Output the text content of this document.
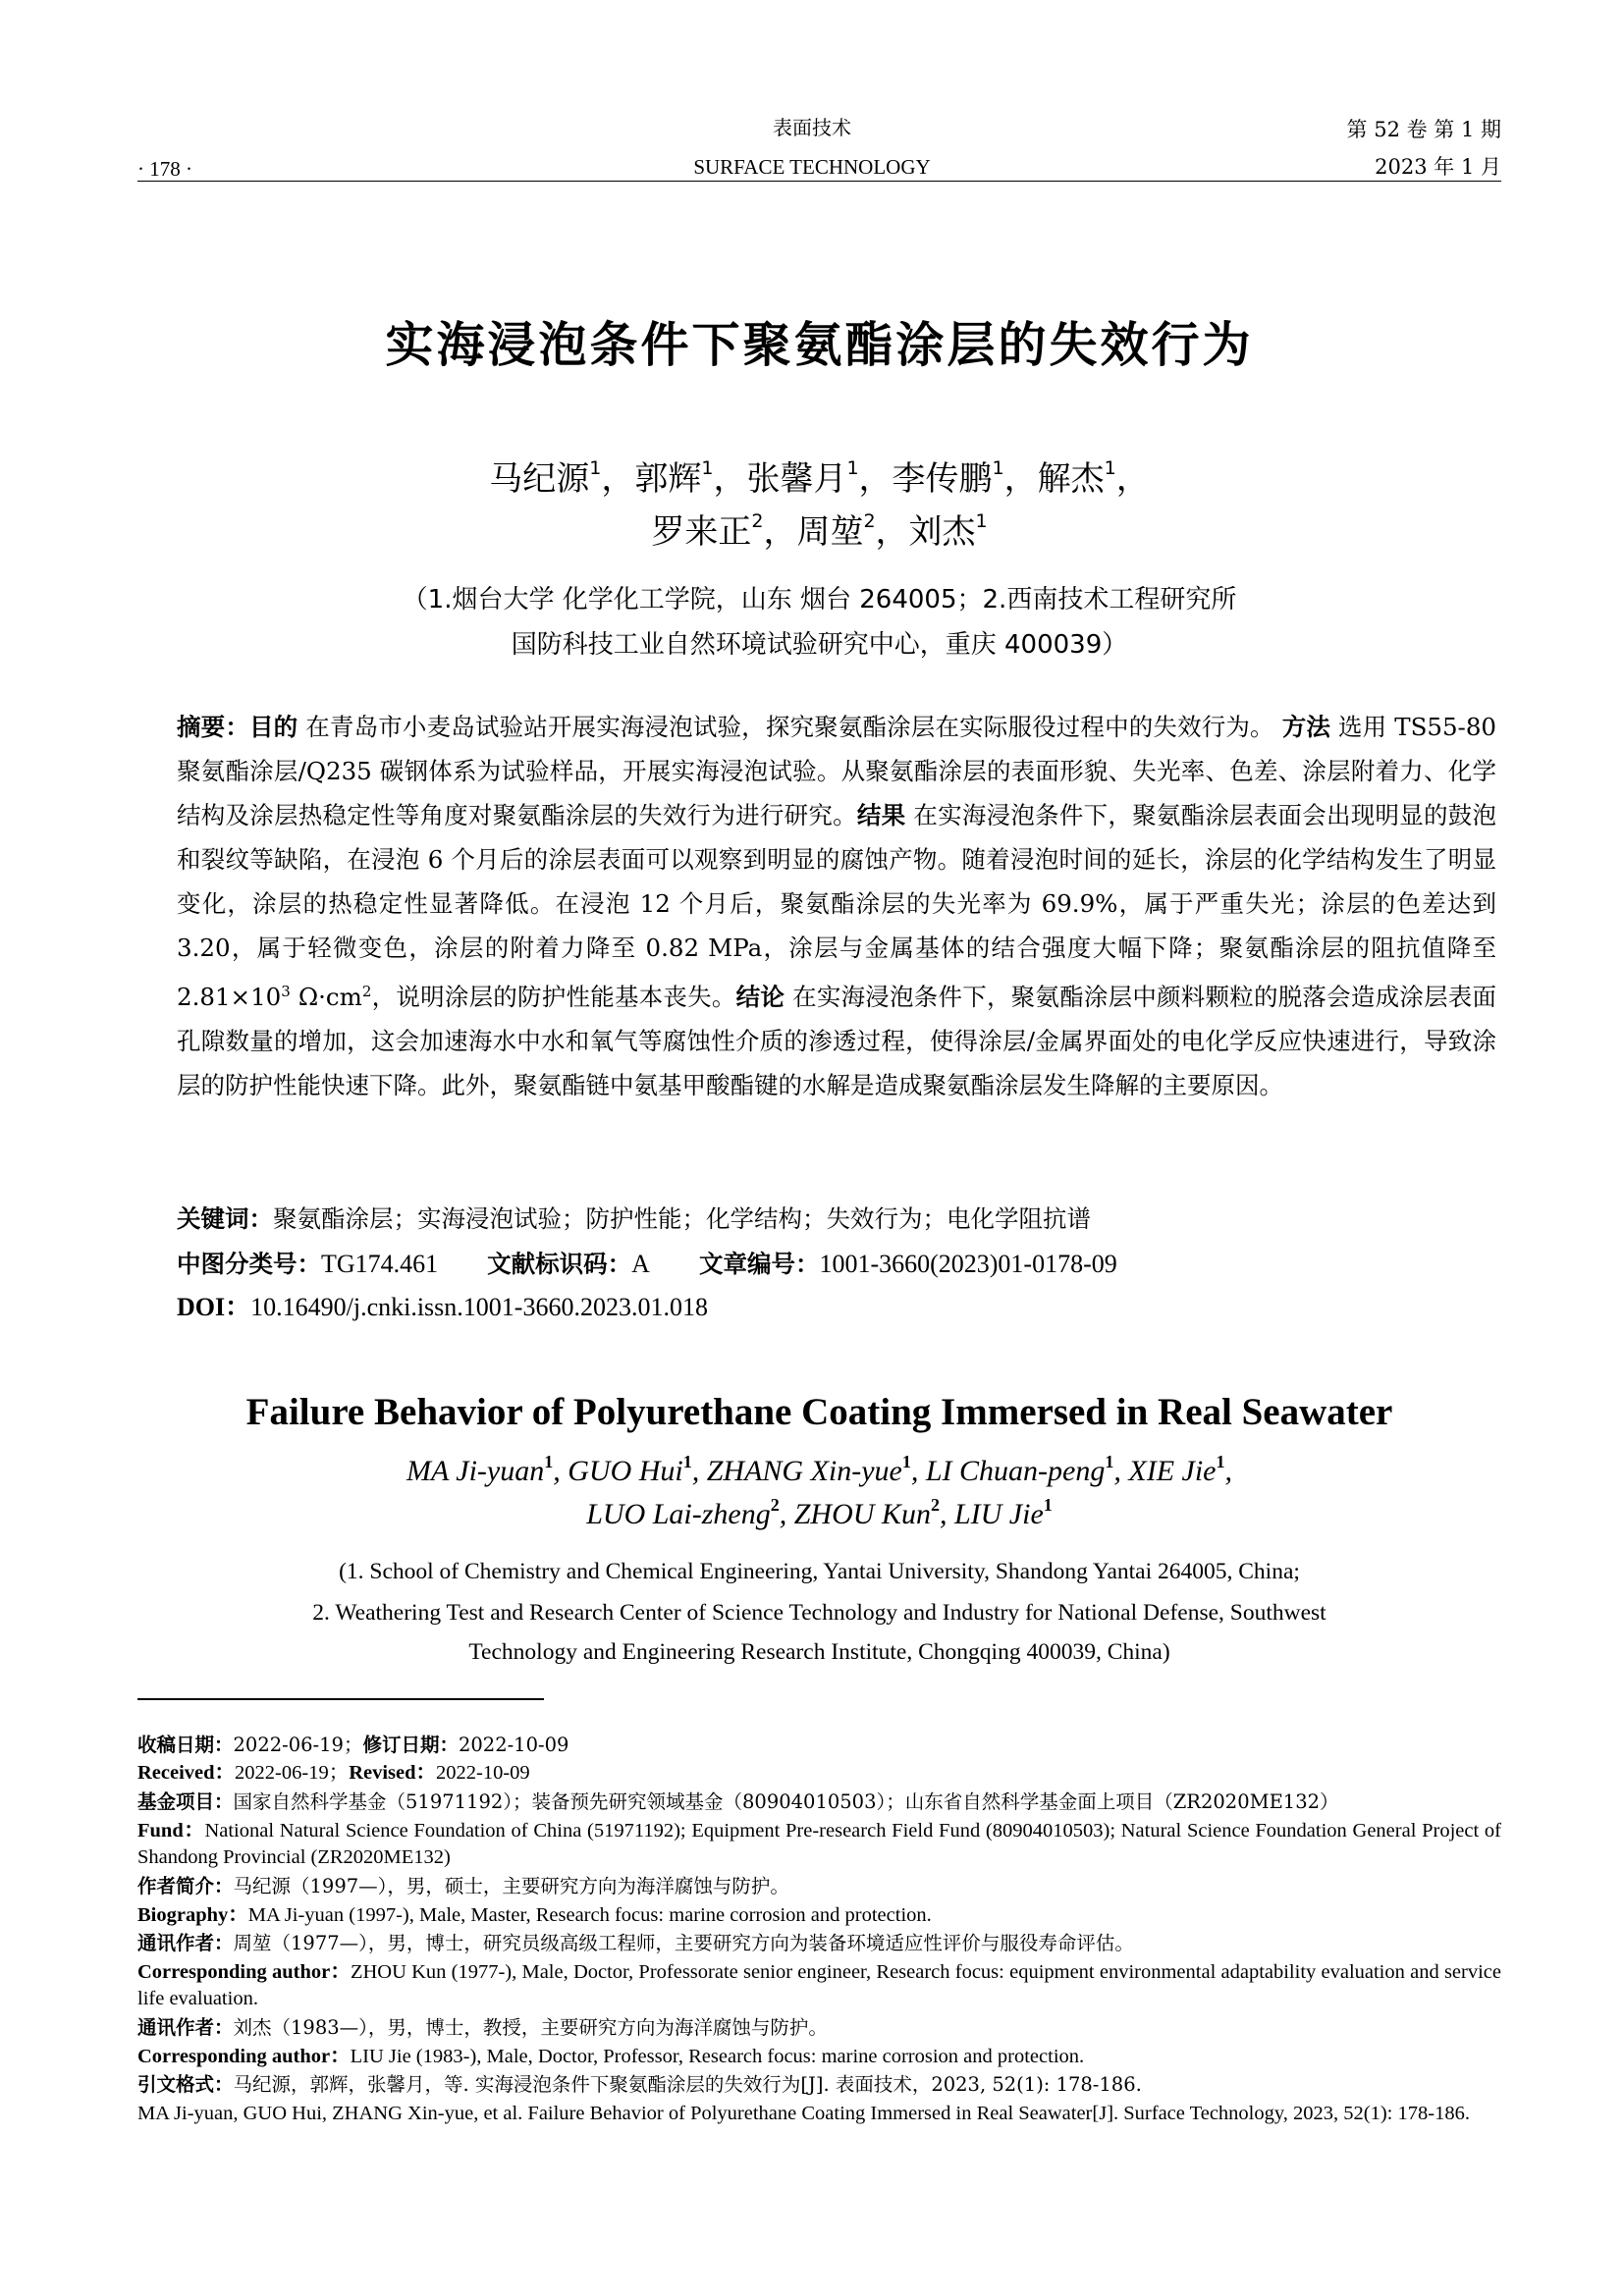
· 178 ·
表面技术
SURFACE TECHNOLOGY
第 52 卷 第 1 期
2023 年 1 月
实海浸泡条件下聚氨酯涂层的失效行为
马纪源$^1$，郭辉$^1$，张馨月$^1$，李传鹏$^1$，解杰$^1$，
罗来正$^2$，周堃$^2$，刘杰$^1$
（1.烟台大学 化学化工学院，山东 烟台 264005；2.西南技术工程研究所
国防科技工业自然环境试验研究中心，重庆 400039）
摘要：目的 在青岛市小麦岛试验站开展实海浸泡试验，探究聚氨酯涂层在实际服役过程中的失效行为。 方法 选用 TS55-80 聚氨酯涂层/Q235 碳钢体系为试验样品，开展实海浸泡试验。从聚氨酯涂层的表面形貌、失光率、色差、涂层附着力、化学结构及涂层热稳定性等角度对聚氨酯涂层的失效行为进行研究。结果 在实海浸泡条件下，聚氨酯涂层表面会出现明显的鼓泡和裂纹等缺陷，在浸泡 6 个月后的涂层表面可以观察到明显的腐蚀产物。随着浸泡时间的延长，涂层的化学结构发生了明显变化，涂层的热稳定性显著降低。在浸泡 12 个月后，聚氨酯涂层的失光率为 69.9%，属于严重失光；涂层的色差达到 3.20，属于轻微变色，涂层的附着力降至 0.82 MPa，涂层与金属基体的结合强度大幅下降；聚氨酯涂层的阻抗值降至 $2.81\times 10^3$ $\Omega\cdot cm^2$，说明涂层的防护性能基本丧失。结论 在实海浸泡条件下，聚氨酯涂层中颜料颗粒的脱落会造成涂层表面孔隙数量的增加，这会加速海水中水和氧气等腐蚀性介质的渗透过程，使得涂层/金属界面处的电化学反应快速进行，导致涂层的防护性能快速下降。此外，聚氨酯链中氨基甲酸酯键的水解是造成聚氨酯涂层发生降解的主要原因。
关键词：聚氨酯涂层；实海浸泡试验；防护性能；化学结构；失效行为；电化学阻抗谱
中图分类号：TG174.461 文献标识码：A 文章编号：1001-3660(2023)01-0178-09
DOI：10.16490/j.cnki.issn.1001-3660.2023.01.018
Failure Behavior of Polyurethane Coating Immersed in Real Seawater
MA Ji-yuan$^1$, GUO Hui$^1$, ZHANG Xin-yue$^1$, LI Chuan-peng$^1$, XIE Jie$^1$,
LUO Lai-zheng$^2$, ZHOU Kun$^2$, LIU Jie$^1$
(1. School of Chemistry and Chemical Engineering, Yantai University, Shandong Yantai 264005, China;
2. Weathering Test and Research Center of Science Technology and Industry for National Defense, Southwest
Technology and Engineering Research Institute, Chongqing 400039, China)
收稿日期：2022-06-19；修订日期：2022-10-09
Received：2022-06-19；Revised：2022-10-09
基金项目：国家自然科学基金（51971192）；装备预先研究领域基金（80904010503）；山东省自然科学基金面上项目（ZR2020ME132）
Fund：National Natural Science Foundation of China (51971192); Equipment Pre-research Field Fund (80904010503); Natural Science Foundation General Project of Shandong Provincial (ZR2020ME132)
作者简介：马纪源（1997—），男，硕士，主要研究方向为海洋腐蚀与防护。
Biography：MA Ji-yuan (1997-), Male, Master, Research focus: marine corrosion and protection.
通讯作者：周堃（1977—），男，博士，研究员级高级工程师，主要研究方向为装备环境适应性评价与服役寿命评估。
Corresponding author：ZHOU Kun (1977-), Male, Doctor, Professorate senior engineer, Research focus: equipment environmental adaptability evaluation and service life evaluation.
通讯作者：刘杰（1983—），男，博士，教授，主要研究方向为海洋腐蚀与防护。
Corresponding author：LIU Jie (1983-), Male, Doctor, Professor, Research focus: marine corrosion and protection.
引文格式：马纪源，郭辉，张馨月，等. 实海浸泡条件下聚氨酯涂层的失效行为[J]. 表面技术，2023, 52(1): 178-186.
MA Ji-yuan, GUO Hui, ZHANG Xin-yue, et al. Failure Behavior of Polyurethane Coating Immersed in Real Seawater[J]. Surface Technology, 2023, 52(1): 178-186.
